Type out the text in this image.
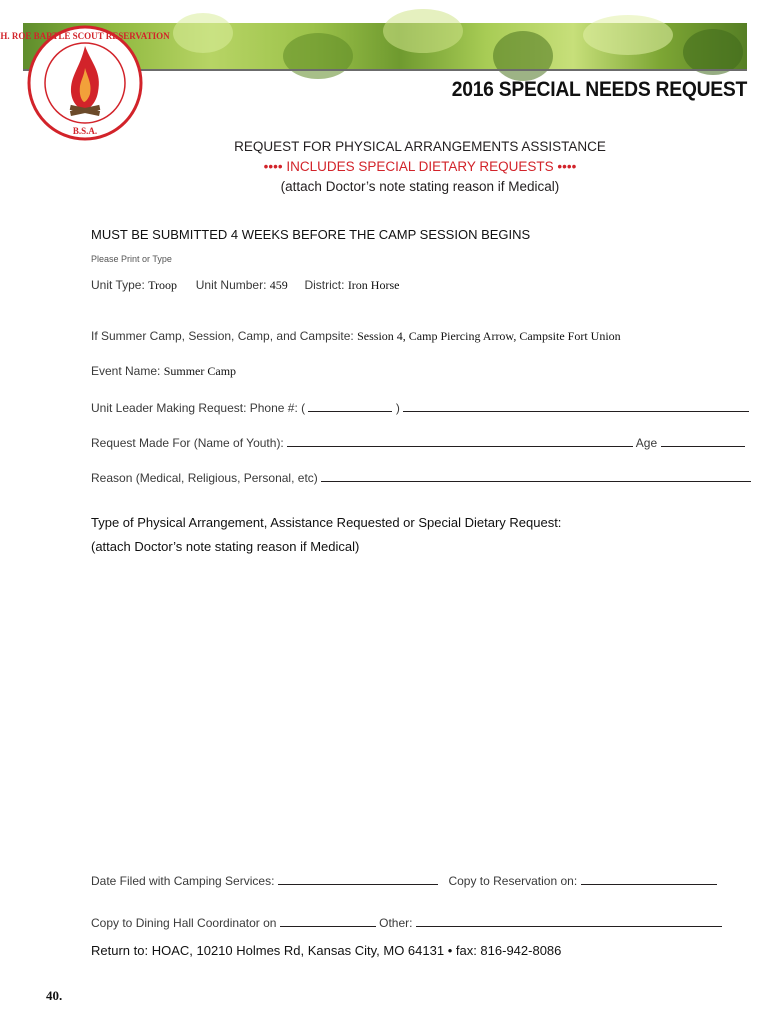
H. ROE BARTLE SCOUT RESERVATION
B.S.A.
2016 SPECIAL NEEDS REQUEST
REQUEST FOR PHYSICAL ARRANGEMENTS ASSISTANCE
•••• INCLUDES SPECIAL DIETARY REQUESTS ••••
(attach Doctor’s note stating reason if Medical)
MUST BE SUBMITTED 4 WEEKS BEFORE THE CAMP SESSION BEGINS
Please Print or Type
Unit Type: Troop Unit Number: 459 District: Iron Horse
If Summer Camp, Session, Camp, and Campsite: Session 4, Camp Piercing Arrow, Campsite Fort Union
Event Name: Summer Camp
Unit Leader Making Request: Phone #: (	)
Request Made For (Name of Youth):	Age
Reason (Medical, Religious, Personal, etc)
Type of Physical Arrangement, Assistance Requested or Special Dietary Request:
(attach Doctor’s note stating reason if Medical)
Date Filed with Camping Services:	Copy to Reservation on:
Copy to Dining Hall Coordinator on	Other:
Return to: HOAC, 10210 Holmes Rd, Kansas City, MO 64131 • fax: 816-942-8086
40.
